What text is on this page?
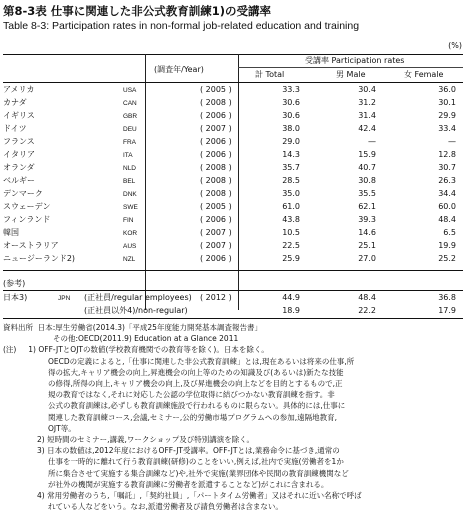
第8-3表 仕事に関連した非公式教育訓練1)の受講率
Table 8-3: Participation rates in non-formal job-related education and training
(%)
(調査年/Year)
受講率 Participation rates
計 Total	男 Male	女 Female
アメリカ	USA	( 2005 )	33.3	30.4	36.0
カナダ	CAN	( 2008 )	30.6	31.2	30.1
イギリス	GBR	( 2006 )	30.6	31.4	29.9
ドイツ	DEU	( 2007 )	38.0	42.4	33.4
フランス	FRA	( 2006 )	29.0	—	—
イタリア	ITA	( 2006 )	14.3	15.9	12.8
オランダ	NLD	( 2008 )	35.7	40.7	30.7
ベルギー	BEL	( 2008 )	28.5	30.8	26.3
デンマーク	DNK	( 2008 )	35.0	35.5	34.4
スウェーデン	SWE	( 2005 )	61.0	62.1	60.0
フィンランド	FIN	( 2006 )	43.8	39.3	48.4
韓国	KOR	( 2007 )	10.5	14.6	6.5
オーストラリア	AUS	( 2007 )	22.5	25.1	19.9
ニュージーランド2)	NZL	( 2006 )	25.9	27.0	25.2
(参考)
日本3)	JPN (正社員/regular employees) ( 2012 )	44.9	48.4	36.8
(正社員以外4)/non-regular)	18.9	22.2	17.9
資料出所 日本:厚生労働省(2014.3)「平成25年度能力開発基本調査報告書」
その他:OECD(2011.9) Education at a Glance 2011
(注) 1) OFF-JTとOJTの数値(学校教育機関での教育等を除く)。日本を除く。
OECDの定義によると,「仕事に関連した非公式教育訓練」とは,現在あるいは将来の仕事,所
得の拡大,キャリア機会の向上,昇進機会の向上等のための知識及び(あるいは)新たな技能
の修得,所得の向上,キャリア機会の向上,及び昇進機会の向上などを目的とするもので,正
規の教育ではなく,それに対応した公認の学位取得に結びつかない教育訓練を指す。非
公式の教育訓練は,必ずしも教育訓練施設で行われるものに限らない。具体的には,仕事に
関連した教育訓練コース,会議,セミナー,公的労働市場プログラムへの参加,遠隔地教育,
OJT等。
2) 短時間のセミナー,講義,ワークショップ及び特別講演を除く。
3) 日本の数値は,2012年度におけるOFF-JT受講率。OFF-JTとは,業務命令に基づき,通常の
仕事を一時的に離れて行う教育訓練(研修)のことをいい,例えば,社内で実施(労働者を1か
所に集合させて実施する集合訓練など)や,社外で実施(業界団体や民間の教育訓練機関など
が社外の機関が実施する教育訓練に労働者を派遣することなど)がこれに含まれる。
4) 常用労働者のうち,「嘱託」,「契約社員」,「パートタイム労働者」又はそれに近い名称で呼ば
れている人などをいう。なお,派遣労働者及び請負労働者は含まない。
